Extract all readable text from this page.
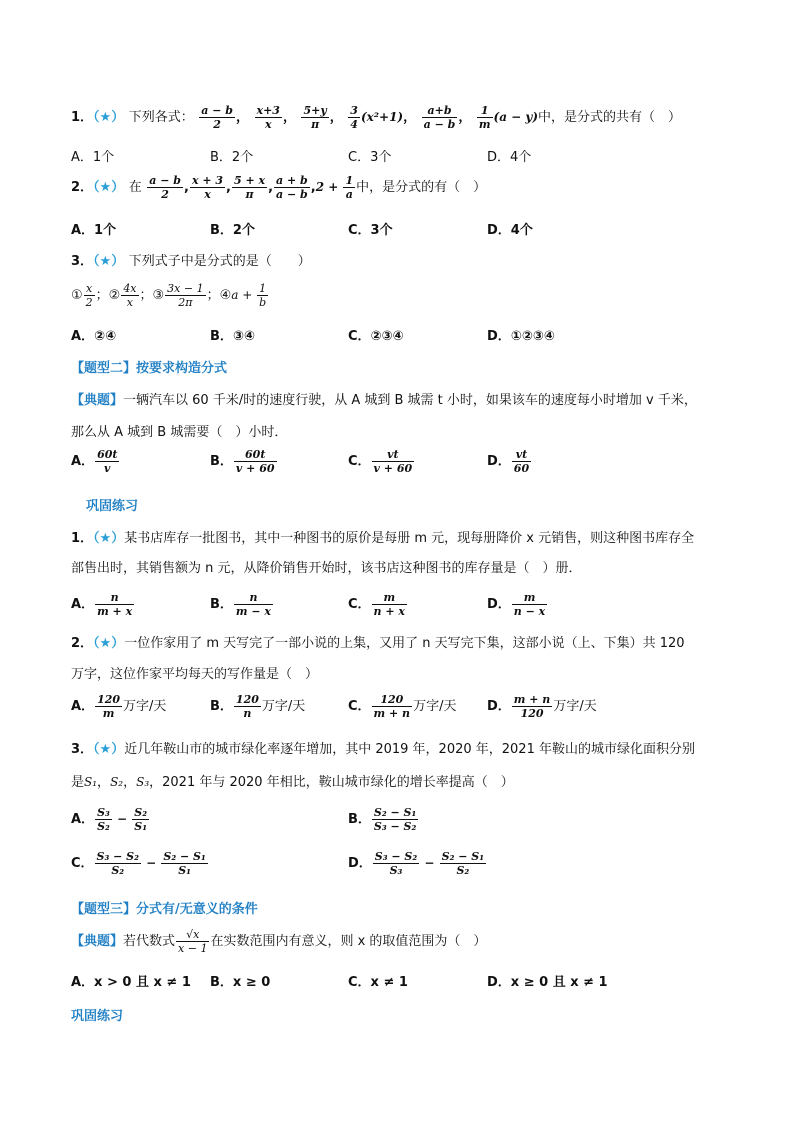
1．（★） 下列各式： $\frac{a - b}{2}$ ， $\frac{x+3}{x}$ ， $\frac{5+y}{\pi}$ ， $\frac{3}{4} (x^2+1)$， $\frac{a+b}{a - b}$ ， $\frac{1}{m} (a - y)$中，是分式的共有（　）
A．1个	B．2个	C．3个	D．4个
2．（★） 在 $\frac{a - b}{2}$ , $\frac{x + 3}{x}$ , $\frac{5 + x}{\pi}$ , $\frac{a + b}{a - b} ,2 + \frac{1}{a}$ 中，是分式的有（　）
A．1个	B．2个	C．3个	D．4个
3．（★） 下列式子中是分式的是（　　）
① $\frac{x}{2}$ ；② $\frac{4x}{x}$ ；③ $\frac{3x - 1}{2\pi}$ ；④a + $\frac{1}{b}$
A．②④	B．③④	C．②③④	D．①②③④
【题型二】按要求构造分式
【典题】一辆汽车以 60 千米/时的速度行驶，从 A 城到 B 城需 t 小时，如果该车的速度每小时增加 v 千米，
那么从 A 城到 B 城需要（　）小时．
A． $\frac{60t}{v}$	B． $\frac{60t}{v + 60}$	C． $\frac{vt}{v + 60}$	D． $\frac{vt}{60}$
巩固练习
1．（★）某书店库存一批图书，其中一种图书的原价是每册 m 元，现每册降价 x 元销售，则这种图书库存全
部售出时，其销售额为 n 元，从降价销售开始时，该书店这种图书的库存量是（　）册．
A． $\frac{n}{m + x}$	B． $\frac{n}{m - x}$	C． $\frac{m}{n + x}$	D． $\frac{m}{n - x}$
2．（★）一位作家用了 m 天写完了一部小说的上集，又用了 n 天写完下集，这部小说（上、下集）共 120
万字，这位作家平均每天的写作量是（　）
A． $\frac{120}{m}$ 万字/天	B． $\frac{120}{n}$ 万字/天	C． $\frac{120}{m + n}$ 万字/天 D． $\frac{m + n}{120}$ 万字/天
3．（★）近几年鞍山市的城市绿化率逐年增加，其中 2019 年，2020 年，2021 年鞍山的城市绿化面积分别
是S₁，S₂，S₃，2021 年与 2020 年相比，鞍山城市绿化的增长率提高（　）
A． $\frac{\text{S₃}}{\text{S₂}} - \frac{\text{S₂}}{\text{S₁}}$	B． $\frac{\text{S₂ − S₁}}{\text{S₃ − S₂}}$
C． $\frac{\text{S₃ − S₂}}{\text{S₂}} - \frac{\text{S₂ − S₁}}{\text{S₁}}$	D． $\frac{\text{S₃ − S₂}}{\text{S₃}} - \frac{\text{S₂ − S₁}}{\text{S₂}}$
【题型三】分式有/无意义的条件
【典题】若代数式 $\frac{√x}{x - 1}$ 在实数范围内有意义，则 x 的取值范围为（　）
A．x > 0 且 x ≠ 1 B．x ≥ 0	C．x ≠ 1	D．x ≥ 0 且 x ≠ 1
巩固练习
